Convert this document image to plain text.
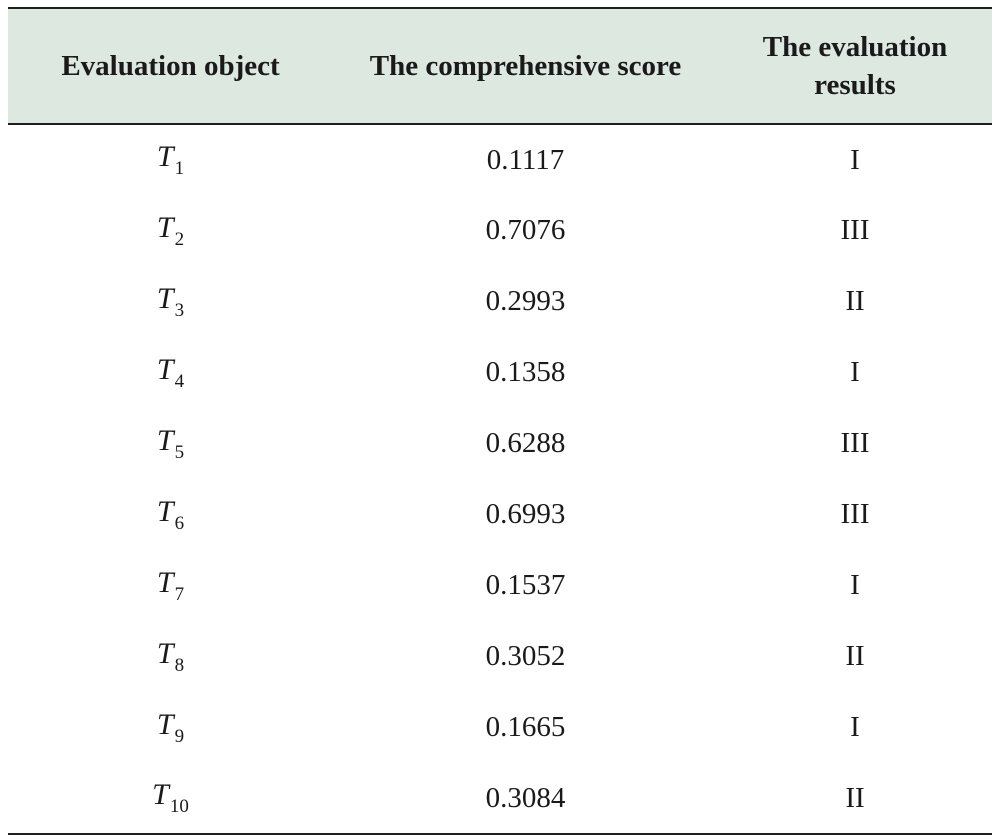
Evaluation object	The comprehensive score	The evaluation results
$T_1$	0.1117	I
$T_2$	0.7076	III
$T_3$	0.2993	II
$T_4$	0.1358	I
$T_5$	0.6288	III
$T_6$	0.6993	III
$T_7$	0.1537	I
$T_8$	0.3052	II
$T_9$	0.1665	I
$T_{10}$	0.3084	II
